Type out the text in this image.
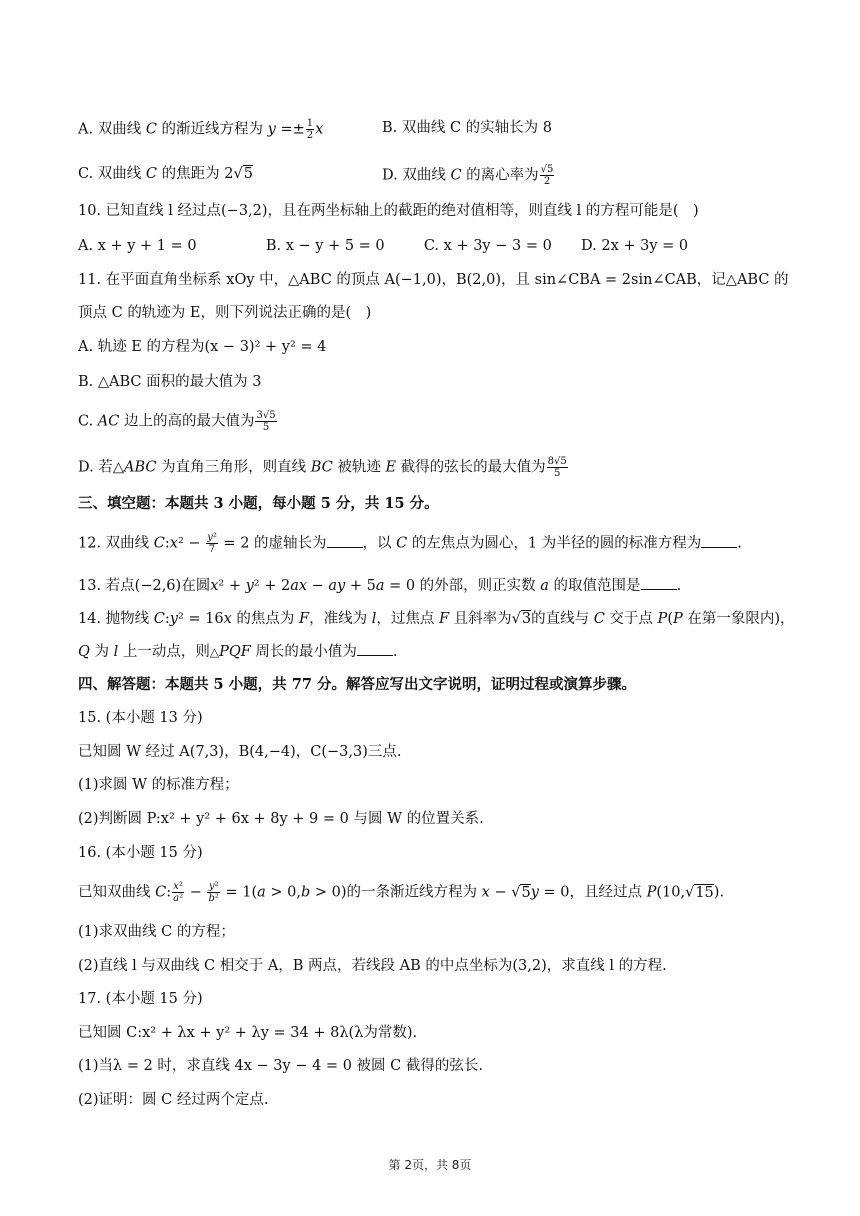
A. 双曲线 C 的渐近线方程为 $y =\pm \frac{1}{2}$ x	B. 双曲线 C 的实轴长为 8
C. 双曲线 C 的焦距为 2√5	D. 双曲线 C 的离心率为 $\frac{√5}{2}$
10. 已知直线 l 经过点(−3,2)，且在两坐标轴上的截距的绝对值相等，则直线 l 的方程可能是(　)
A. x + y + 1 = 0	B. x − y + 5 = 0	C. x + 3y − 3 = 0 D. 2x + 3y = 0
11. 在平面直角坐标系 xOy 中，△ABC 的顶点 A(−1,0)，B(2,0)，且 sin∠CBA = 2sin∠CAB，记△ABC 的
顶点 C 的轨迹为 E，则下列说法正确的是(　)
A. 轨迹 E 的方程为(x − 3)² + y² = 4
B. △ABC 面积的最大值为 3
C. AC 边上的高的最大值为 $\frac{3√5}{5}$
D. 若△ABC 为直角三角形，则直线 BC 被轨迹 E 截得的弦长的最大值为 $\frac{8√5}{5}$
三、填空题：本题共 3 小题，每小题 5 分，共 15 分。
12. 双曲线 C:x² − $\frac{\text{y²}}{7} = 2$ 的虚轴长为 ，以 C 的左焦点为圆心，1 为半径的圆的标准方程为 .
13. 若点(−2,6)在圆x² + y² + 2ax − ay + 5a = 0 的外部，则正实数 a 的取值范围是 .
14. 抛物线 C:y² = 16x 的焦点为 F，准线为 l，过焦点 F 且斜率为√3的直线与 C 交于点 P(P 在第一象限内)，
Q 为 l 上一动点，则△PQF 周长的最小值为 .
四、解答题：本题共 5 小题，共 77 分。解答应写出文字说明，证明过程或演算步骤。
15. (本小题 13 分)
已知圆 W 经过 A(7,3)，B(4,−4)，C(−3,3)三点.
(1)求圆 W 的标准方程；
(2)判断圆 P:x² + y² + 6x + 8y + 9 = 0 与圆 W 的位置关系.
16. (本小题 15 分)
已知双曲线 C: $\frac{\text{x²}}{\text{a²}} - \frac{\text{y²}}{\text{b²}} = 1(a > 0,b > 0)$的一条渐近线方程为 x − √5y = 0，且经过点 P(10,√15).
(1)求双曲线 C 的方程；
(2)直线 l 与双曲线 C 相交于 A，B 两点，若线段 AB 的中点坐标为(3,2)，求直线 l 的方程.
17. (本小题 15 分)
已知圆 C:x² + λx + y² + λy = 34 + 8λ(λ为常数).
(1)当λ = 2 时，求直线 4x − 3y − 4 = 0 被圆 C 截得的弦长.
(2)证明：圆 C 经过两个定点.
第 2页，共 8页
